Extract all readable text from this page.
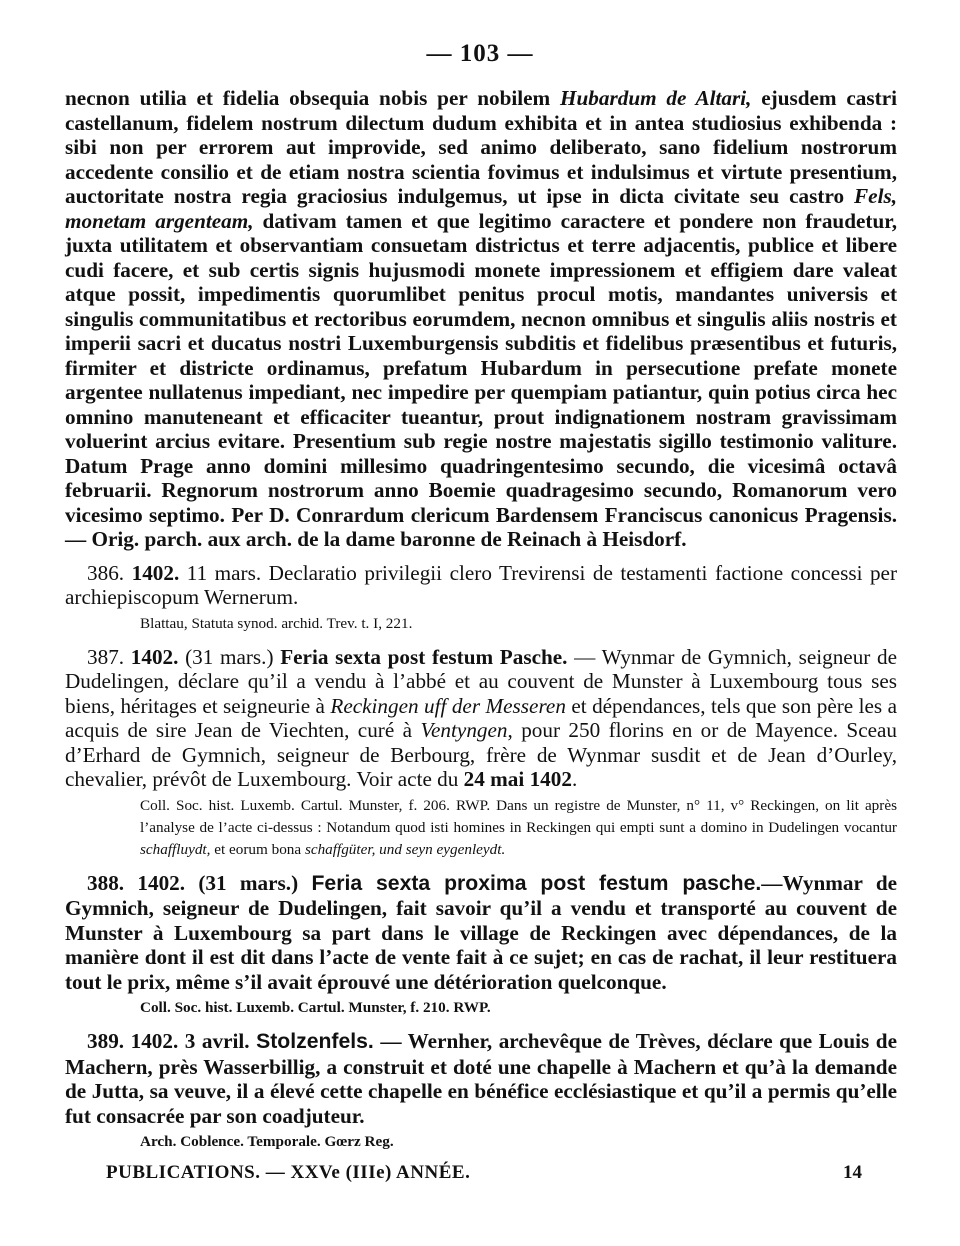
— 103 —

necnon utilia et fidelia obsequia nobis per nobilem Hubardum de Altari, ejusdem castri castellanum, fidelem nostrum dilectum dudum exhibita et in antea studiosius exhibenda : sibi non per errorem aut improvide, sed animo deliberato, sano fidelium nostrorum accedente consilio et de etiam nostra scientia fovimus et indulsimus et virtute presentium, auctoritate nostra regia graciosius indulgemus, ut ipse in dicta civitate seu castro Fels, monetam argenteam, dativam tamen et que legitimo caractere et pondere non fraudetur, juxta utilitatem et observantiam consuetam districtus et terre adjacentis, publice et libere cudi facere, et sub certis signis hujusmodi monete impressionem et effigiem dare valeat atque possit, impedimentis quorumlibet penitus procul motis, mandantes universis et singulis communitatibus et rectoribus eorumdem, necnon omnibus et singulis aliis nostris et imperii sacri et ducatus nostri Luxemburgensis subditis et fidelibus præsentibus et futuris, firmiter et districte ordinamus, prefatum Hubardum in persecutione prefate monete argentee nullatenus impediant, nec impedire per quempiam patiantur, quin potius circa hec omnino manuteneant et efficaciter tueantur, prout indignationem nostram gravissimam voluerint arcius evitare. Presentium sub regie nostre majestatis sigillo testimonio valiture. Datum Prage anno domini millesimo quadringentesimo secundo, die vicesimâ octavâ februarii. Regnorum nostrorum anno Boemie quadragesimo secundo, Romanorum vero vicesimo septimo. Per D. Conrardum clericum Bardensem Franciscus canonicus Pragensis. — Orig. parch. aux arch. de la dame baronne de Reinach à Heisdorf.

386. 1402. 11 mars. Declaratio privilegii clero Trevirensi de testamenti factione concessi per archiepiscopum Wernerum.

Blattau, Statuta synod. archid. Trev. t. I, 221.

387. 1402. (31 mars.) Feria sexta post festum Pasche. — Wynmar de Gymnich, seigneur de Dudelingen, déclare qu’il a vendu à l’abbé et au couvent de Munster à Luxembourg tous ses biens, héritages et seigneurie à Reckingen uff der Messeren et dépendances, tels que son père les a acquis de sire Jean de Viechten, curé à Ventyngen, pour 250 florins en or de Mayence. Sceau d’Erhard de Gymnich, seigneur de Berbourg, frère de Wynmar susdit et de Jean d’Ourley, chevalier, prévôt de Luxembourg. Voir acte du 24 mai 1402.

Coll. Soc. hist. Luxemb. Cartul. Munster, f. 206. RWP. Dans un registre de Munster, n° 11, v° Reckingen, on lit après l’analyse de l’acte ci-dessus : Notandum quod isti homines in Reckingen qui empti sunt a domino in Dudelingen vocantur schaffluydt, et eorum bona schaffgüter, und seyn eygenleydt.

388. 1402. (31 mars.) Feria sexta proxima post festum pasche.—Wynmar de Gymnich, seigneur de Dudelingen, fait savoir qu’il a vendu et transporté au couvent de Munster à Luxembourg sa part dans le village de Reckingen avec dépendances, de la manière dont il est dit dans l’acte de vente fait à ce sujet; en cas de rachat, il leur restituera tout le prix, même s’il avait éprouvé une détérioration quelconque.

Coll. Soc. hist. Luxemb. Cartul. Munster, f. 210. RWP.

389. 1402. 3 avril. Stolzenfels. — Wernher, archevêque de Trèves, déclare que Louis de Machern, près Wasserbillig, a construit et doté une chapelle à Machern et qu’à la demande de Jutta, sa veuve, il a élevé cette chapelle en bénéfice ecclésiastique et qu’il a permis qu’elle fut consacrée par son coadjuteur.

Arch. Coblence. Temporale. Gœrz Reg.

PUBLICATIONS. — XXVe (IIIe) ANNÉE.	14
